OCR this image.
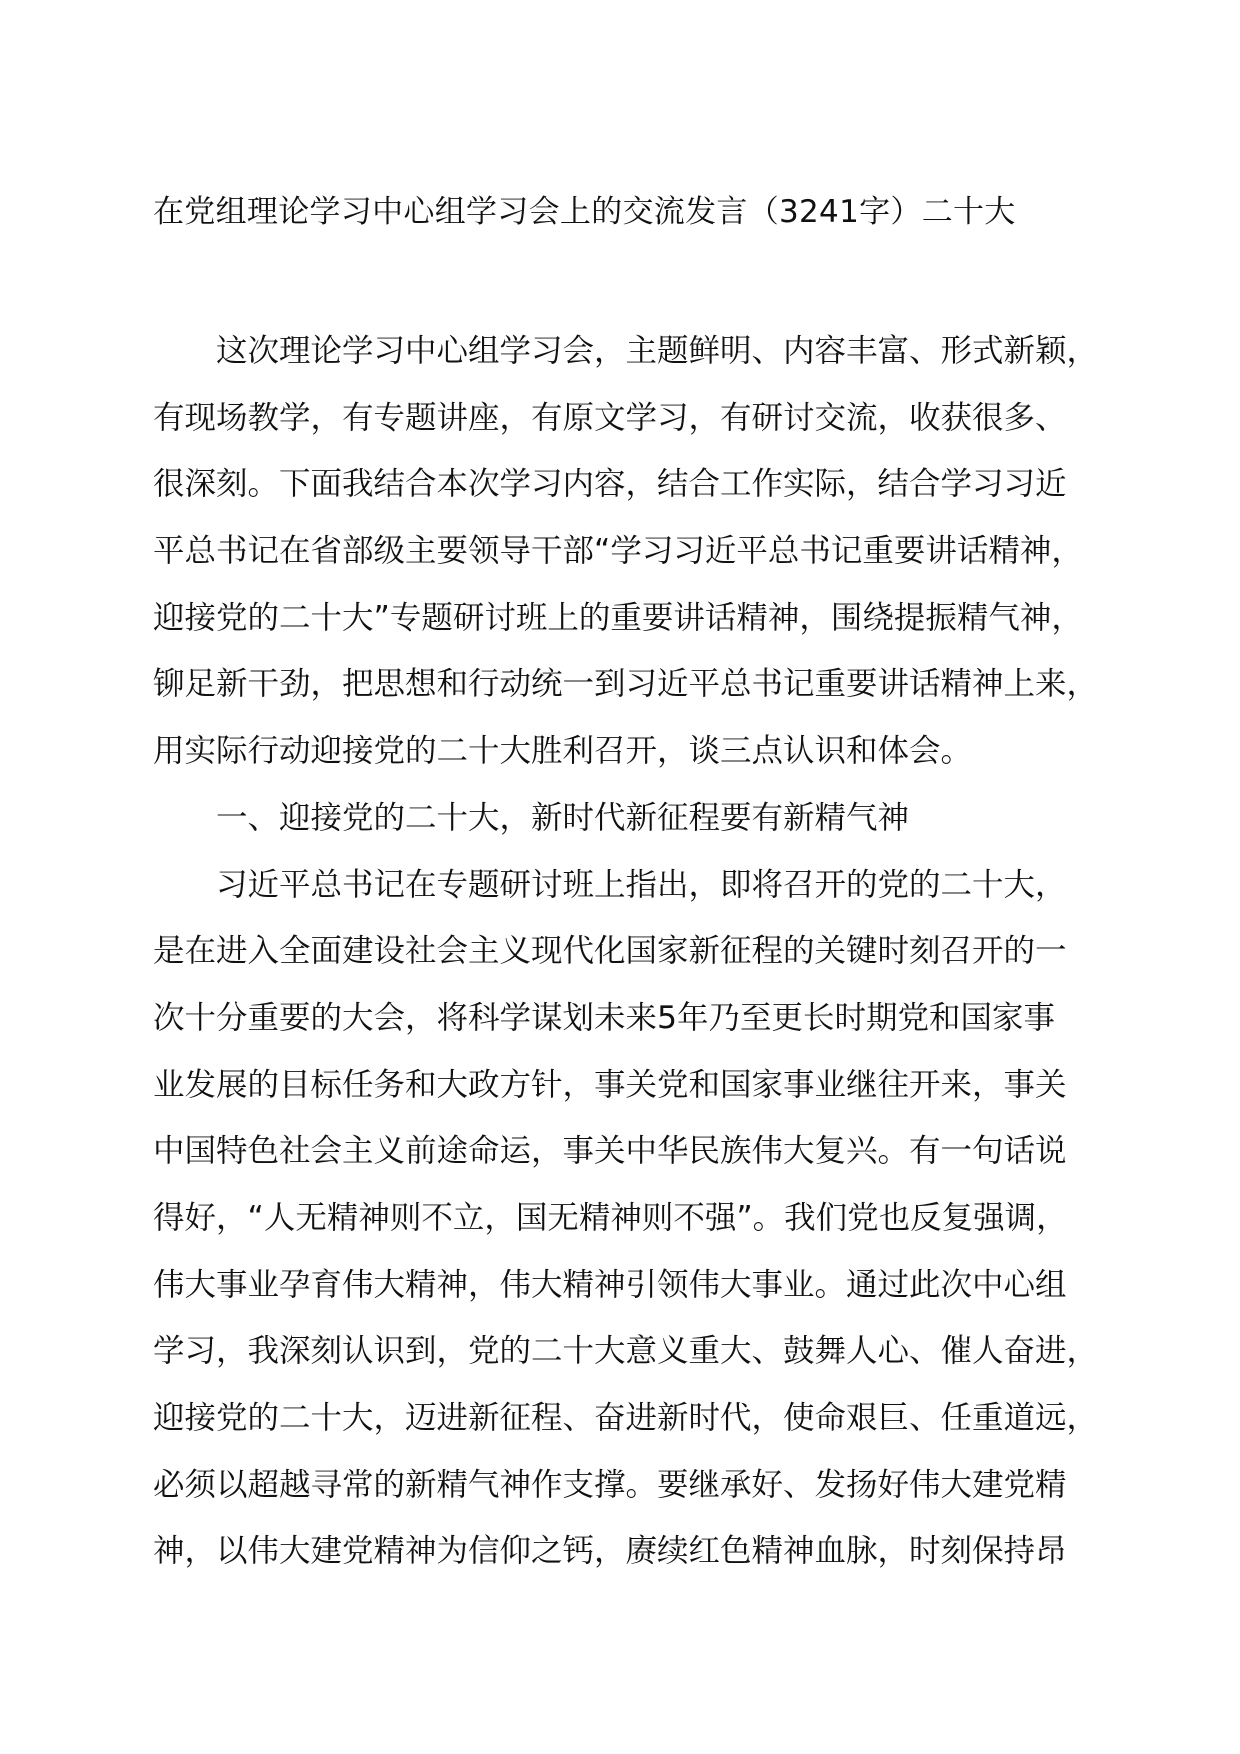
在党组理论学习中心组学习会上的交流发言（3241字）二十大
这次理论学习中心组学习会，主题鲜明、内容丰富、形式新颖，
有现场教学，有专题讲座，有原文学习，有研讨交流，收获很多、
很深刻。下面我结合本次学习内容，结合工作实际，结合学习习近
平总书记在省部级主要领导干部“学习习近平总书记重要讲话精神，
迎接党的二十大”专题研讨班上的重要讲话精神，围绕提振精气神，
铆足新干劲，把思想和行动统一到习近平总书记重要讲话精神上来，
用实际行动迎接党的二十大胜利召开，谈三点认识和体会。
一、迎接党的二十大，新时代新征程要有新精气神
习近平总书记在专题研讨班上指出，即将召开的党的二十大，
是在进入全面建设社会主义现代化国家新征程的关键时刻召开的一
次十分重要的大会，将科学谋划未来5年乃至更长时期党和国家事
业发展的目标任务和大政方针，事关党和国家事业继往开来，事关
中国特色社会主义前途命运，事关中华民族伟大复兴。有一句话说
得好，“人无精神则不立，国无精神则不强”。我们党也反复强调，
伟大事业孕育伟大精神，伟大精神引领伟大事业。通过此次中心组
学习，我深刻认识到，党的二十大意义重大、鼓舞人心、催人奋进，
迎接党的二十大，迈进新征程、奋进新时代，使命艰巨、任重道远，
必须以超越寻常的新精气神作支撑。要继承好、发扬好伟大建党精
神，以伟大建党精神为信仰之钙，赓续红色精神血脉，时刻保持昂
